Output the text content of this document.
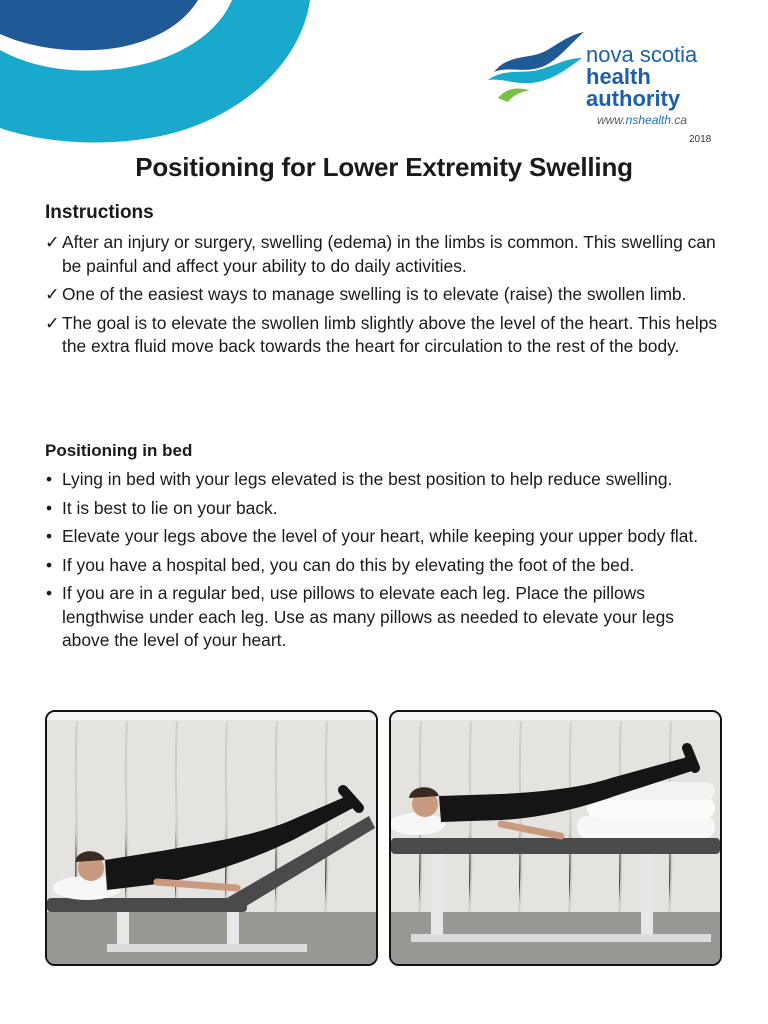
nova scotia
health authority
www.nshealth.ca
2018
Positioning for Lower Extremity Swelling
Instructions
✓ After an injury or surgery, swelling (edema) in the limbs is common. This swelling can be painful and affect your ability to do daily activities.
✓ One of the easiest ways to manage swelling is to elevate (raise) the swollen limb.
✓ The goal is to elevate the swollen limb slightly above the level of the heart. This helps the extra fluid move back towards the heart for circulation to the rest of the body.
Positioning in bed
• Lying in bed with your legs elevated is the best position to help reduce swelling.
• It is best to lie on your back.
• Elevate your legs above the level of your heart, while keeping your upper body flat.
• If you have a hospital bed, you can do this by elevating the foot of the bed.
• If you are in a regular bed, use pillows to elevate each leg. Place the pillows lengthwise under each leg. Use as many pillows as needed to elevate your legs above the level of your heart.
